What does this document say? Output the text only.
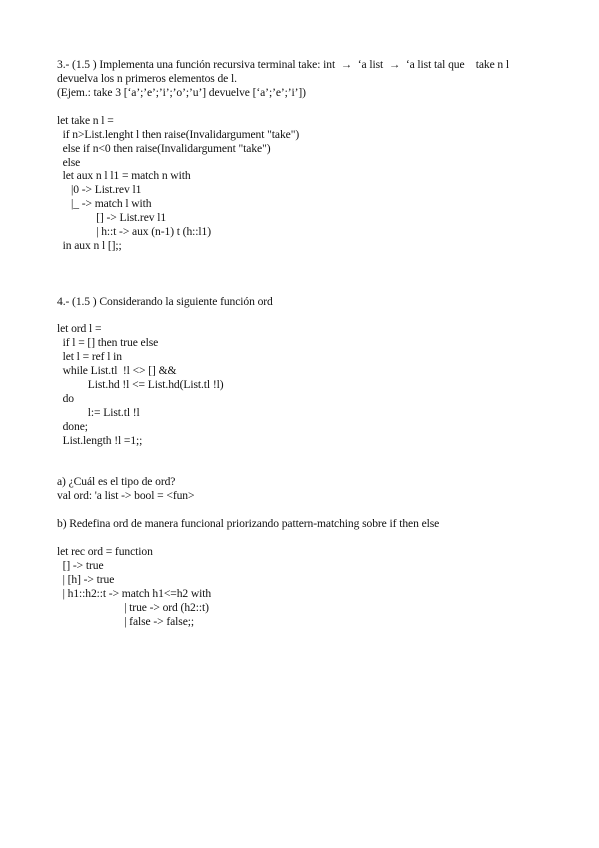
3.- (1.5 ) Implementa una función recursiva terminal take: int  →  ‘a list  →  ‘a list tal que    take n l
devuelva los n primeros elementos de l.
(Ejem.: take 3 [‘a’;’e’;’i’;’o’;’u’] devuelve [‘a’;’e’;’i’])
let take n l =
if n>List.lenght l then raise(Invalidargument "take")
else if n<0 then raise(Invalidargument "take")
else
let aux n l l1 = match n with
|0 -> List.rev l1
|_ -> match l with
[] -> List.rev l1
| h::t -> aux (n-1) t (h::l1)
in aux n l [];;
4.- (1.5 ) Considerando la siguiente función ord
let ord l =
if l = [] then true else
let l = ref l in
while List.tl  !l <> [] &&
List.hd !l <= List.hd(List.tl !l)
do
l:= List.tl !l
done;
List.length !l =1;;
a) ¿Cuál es el tipo de ord?
val ord: 'a list -> bool = <fun>
b) Redefina ord de manera funcional priorizando pattern-matching sobre if then else
let rec ord = function
[] -> true
| [h] -> true
| h1::h2::t -> match h1<=h2 with
| true -> ord (h2::t)
| false -> false;;
